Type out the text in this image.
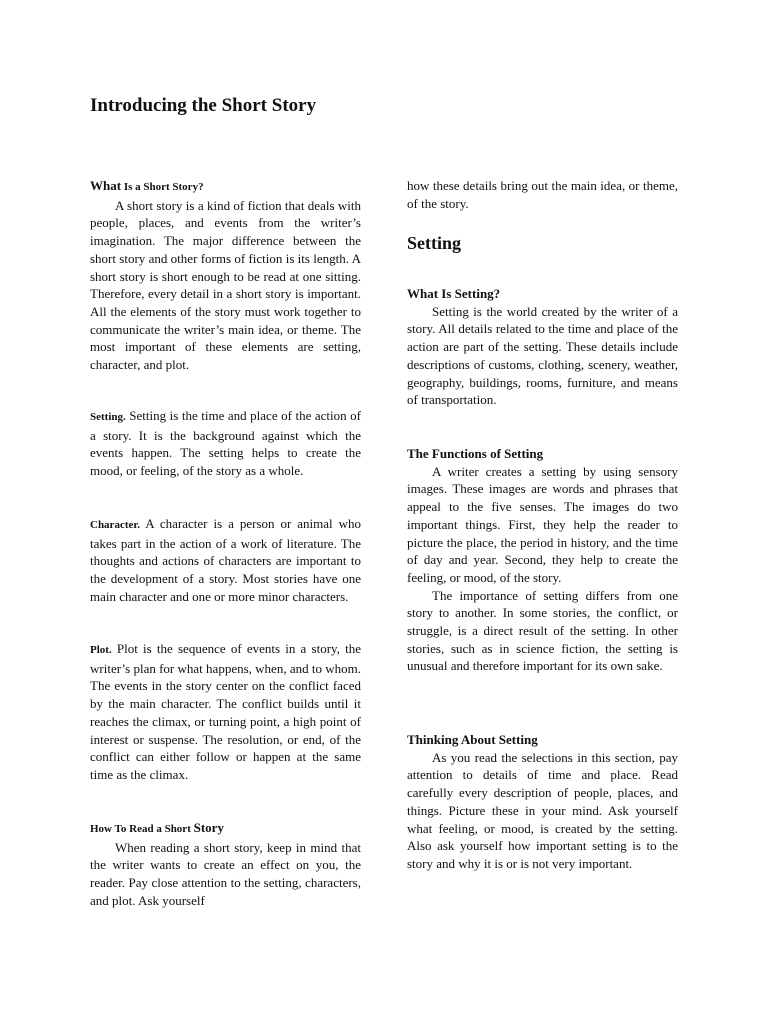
Introducing the Short Story
What Is a Short Story?

A short story is a kind of fiction that deals with people, places, and events from the writer’s imagination. The major difference between the short story and other forms of fiction is its length. A short story is short enough to be read at one sitting. Therefore, every detail in a short story is important. All the elements of the story must work together to communicate the writer’s main idea, or theme. The most important of these elements are setting, character, and plot.

Setting. Setting is the time and place of the action of a story. It is the background against which the events happen. The setting helps to create the mood, or feeling, of the story as a whole.

Character. A character is a person or animal who takes part in the action of a work of literature. The thoughts and actions of characters are important to the development of a story. Most stories have one main character and one or more minor characters.

Plot. Plot is the sequence of events in a story, the writer’s plan for what happens, when, and to whom. The events in the story center on the conflict faced by the main character. The conflict builds until it reaches the climax, or turning point, a high point of interest or suspense. The resolution, or end, of the conflict can either follow or happen at the same time as the climax.

How To Read a Short Story

When reading a short story, keep in mind that the writer wants to create an effect on you, the reader. Pay close attention to the setting, characters, and plot. Ask yourself

how these details bring out the main idea, or theme, of the story.

Setting
What Is Setting?

Setting is the world created by the writer of a story. All details related to the time and place of the action are part of the setting. These details include descriptions of customs, clothing, scenery, weather, geography, buildings, rooms, furniture, and means of transportation.

The Functions of Setting

A writer creates a setting by using sensory images. These images are words and phrases that appeal to the five senses. The images do two important things. First, they help the reader to picture the place, the period in history, and the time of day and year. Second, they help to create the feeling, or mood, of the story.

The importance of setting differs from one story to another. In some stories, the conflict, or struggle, is a direct result of the setting. In other stories, such as in science fiction, the setting is unusual and therefore important for its own sake.

Thinking About Setting

As you read the selections in this section, pay attention to details of time and place. Read carefully every description of people, places, and things. Picture these in your mind. Ask yourself what feeling, or mood, is created by the setting. Also ask yourself how important setting is to the story and why it is or is not very important.
